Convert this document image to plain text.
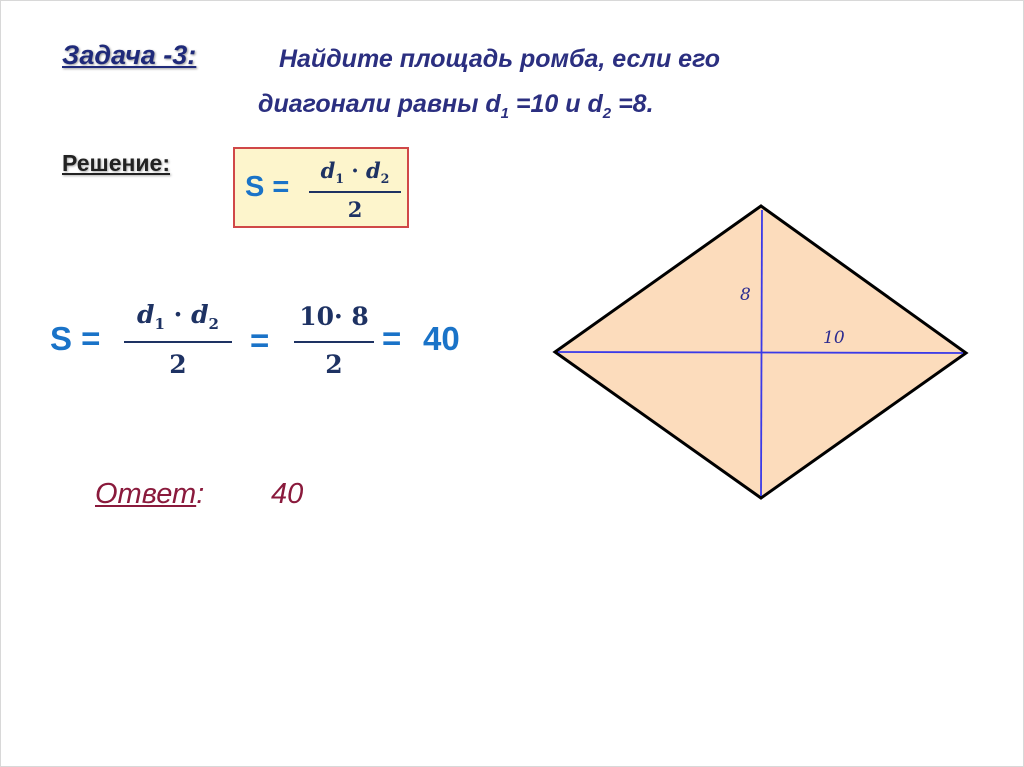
Задача -3:	Найдите площадь ромба, если его
диагонали равны $d_1 =10$ и $d_2 =8$.
Решение:
S =
$d_1 \cdot d_2$
2
S =
$d_1 \cdot d_2$
2
=
10· 8
2
= 40
Ответ: 40
8
10
